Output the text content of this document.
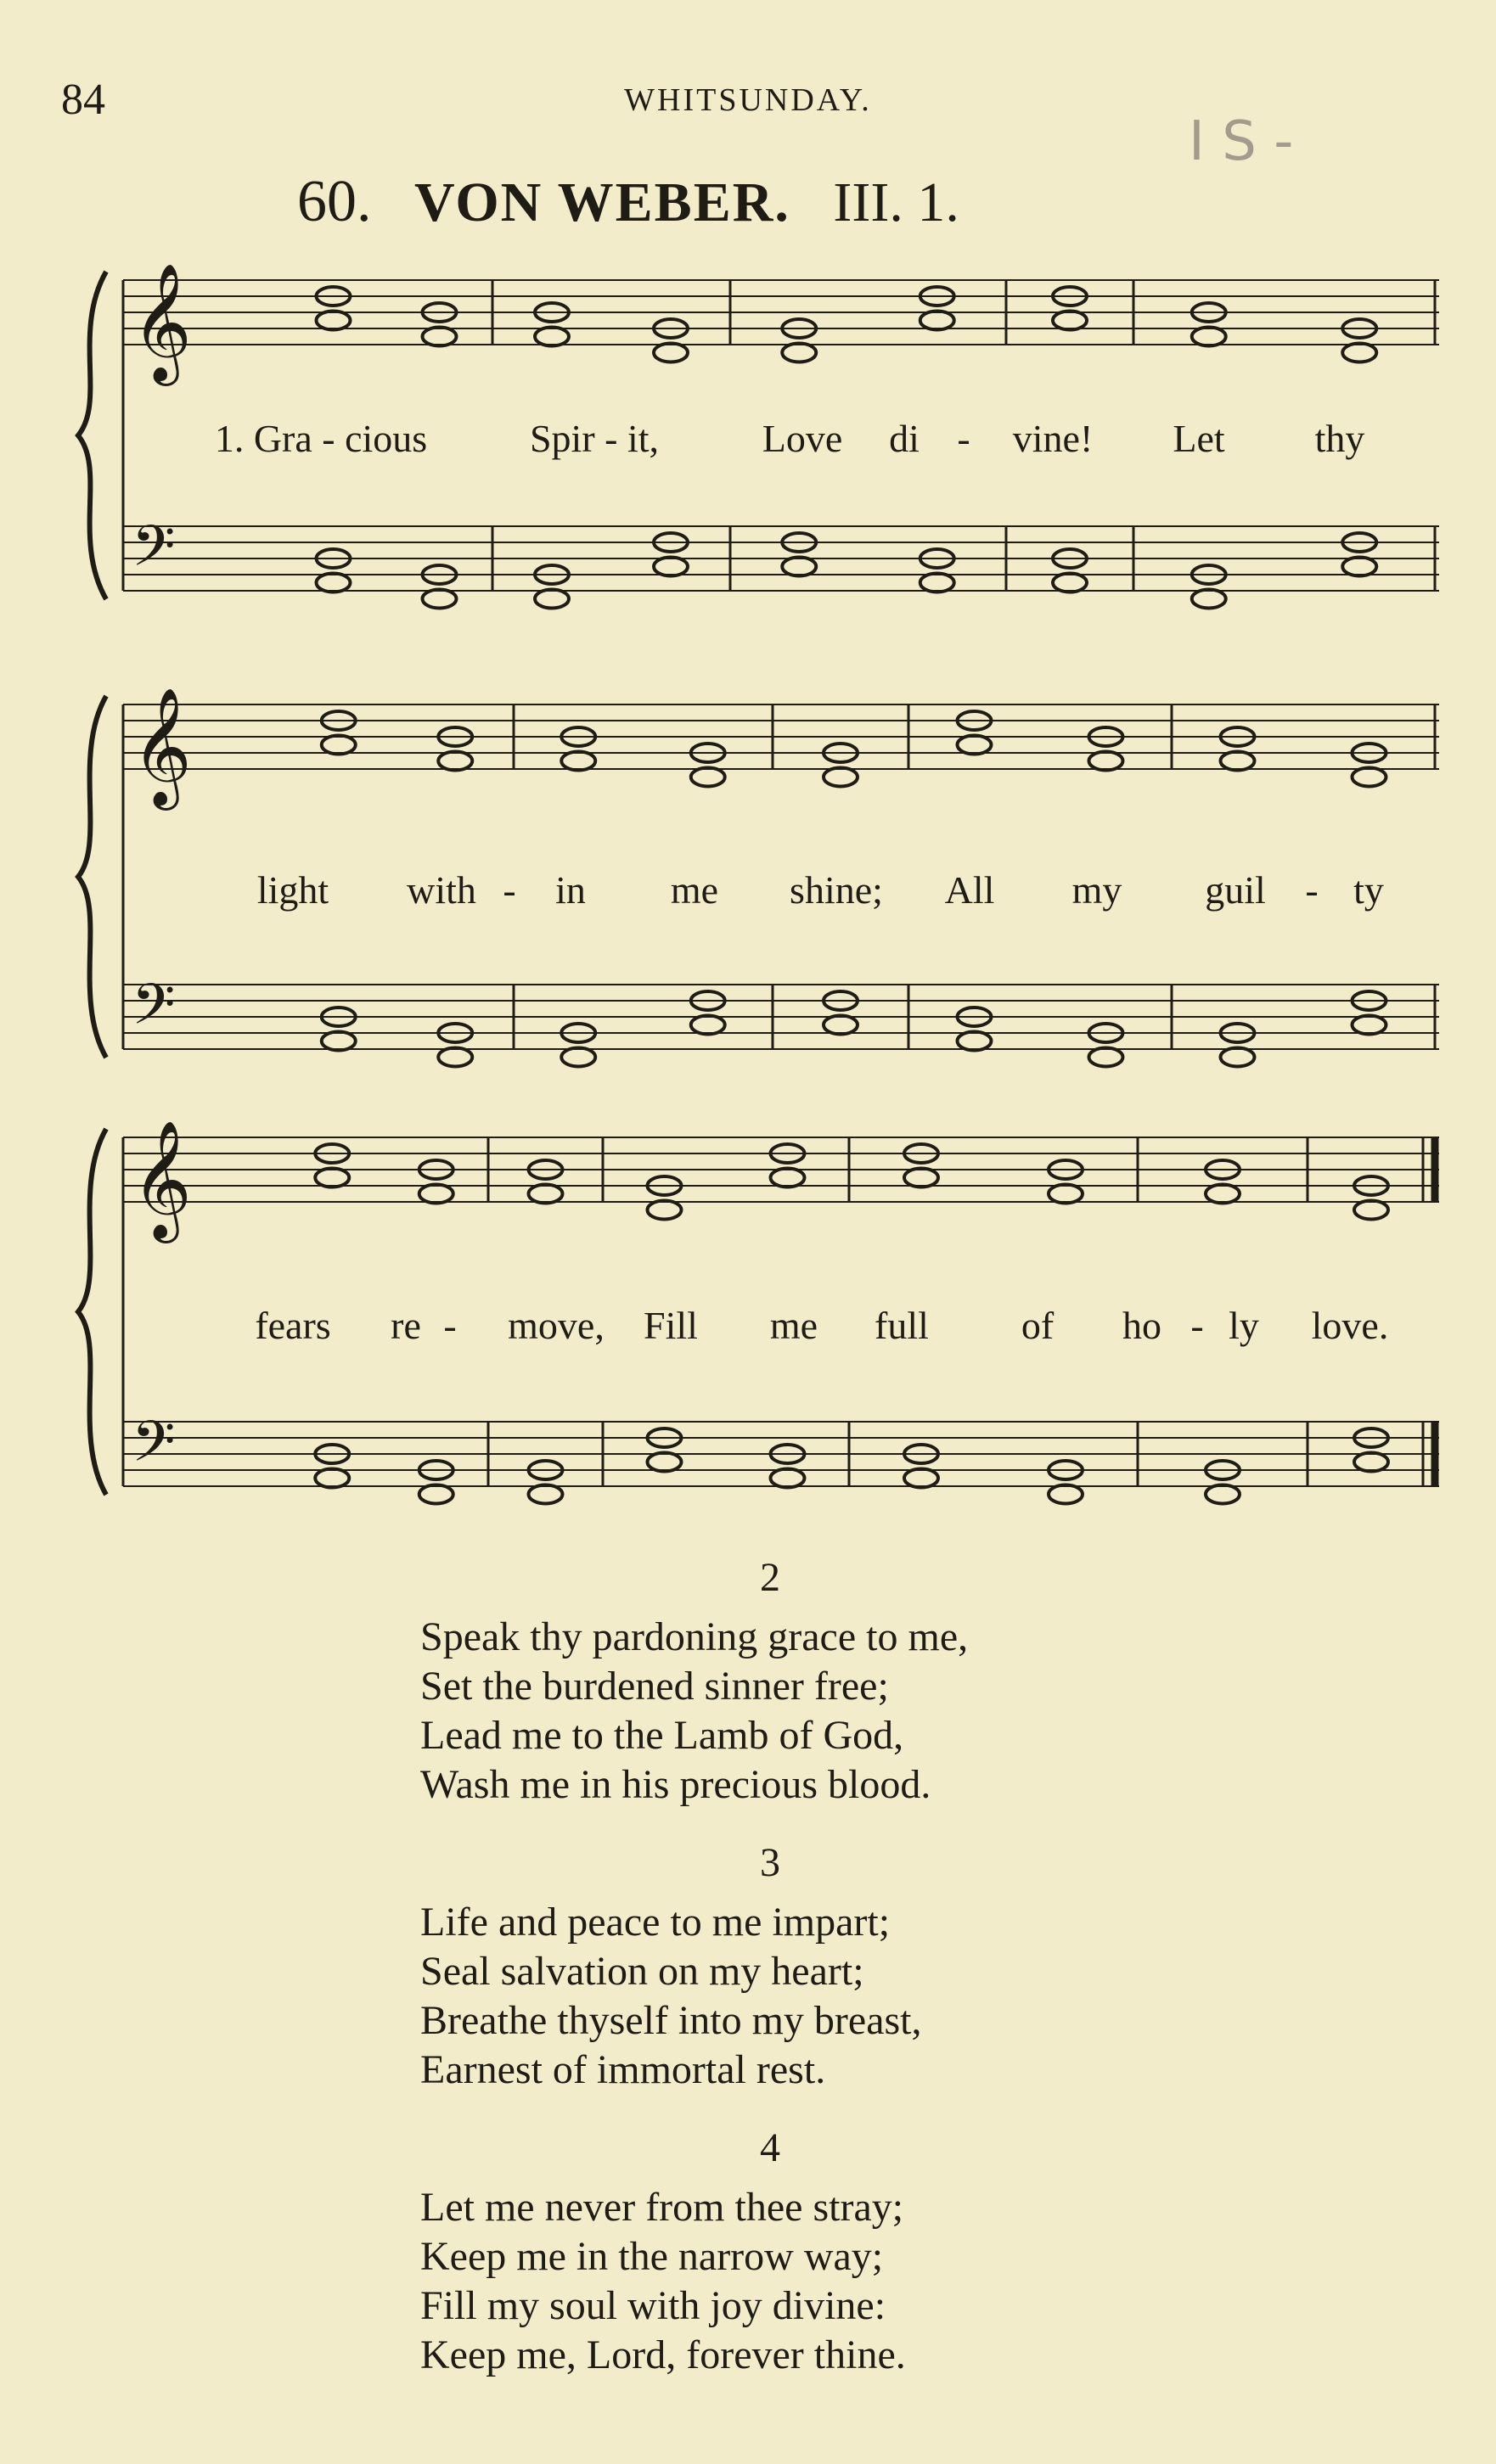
84	WHITSUNDAY.
I S -
60. VON WEBER. III. 1.
𝄞
𝄢
𝄞
𝄢
𝄞
𝄢
1. Gra - cious	Spir - it,	Love di - vine! Let thy
light with - in me shine; All my guil - ty
fears re - move, Fill me full of ho - ly love.
2
Speak thy pardoning grace to me,
Set the burdened sinner free;
Lead me to the Lamb of God,
Wash me in his precious blood.
3
Life and peace to me impart;
Seal salvation on my heart;
Breathe thyself into my breast,
Earnest of immortal rest.
4
Let me never from thee stray;
Keep me in the narrow way;
Fill my soul with joy divine:
Keep me, Lord, forever thine.
